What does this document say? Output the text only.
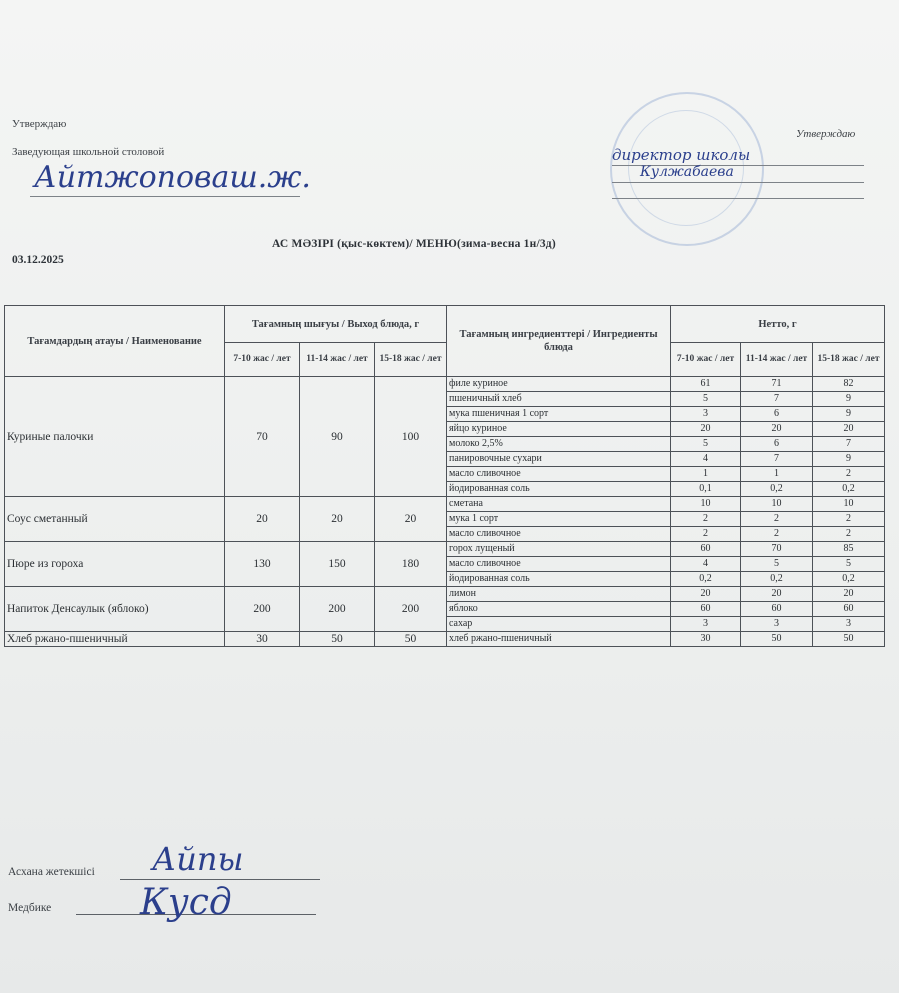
Утверждаю
Заведующая школьной столовой
Айтжоповаш.ж.
Утверждаю
директор школы
Кулжабаева
03.12.2025
АС МӘЗІРІ (қыс-көктем)/ МЕНЮ(зима-весна 1н/3д)
Тағамдардың атауы / Наименование	Тағамның шығуы / Выход блюда, г			Тағамның ингредиенттері / Ингредиенты блюда	Нетто, г		
	7-10 жас / лет	11-14 жас / лет	15-18 жас / лет		7-10 жас / лет	11-14 жас / лет	15-18 жас / лет
Куриные палочки	70	90	100	филе куриное	61	71	82
				пшеничный хлеб	5	7	9
				мука пшеничная 1 сорт	3	6	9
				яйцо куриное	20	20	20
				молоко 2,5%	5	6	7
				панировочные сухари	4	7	9
				масло сливочное	1	1	2
				йодированная соль	0,1	0,2	0,2
Соус сметанный	20	20	20	сметана	10	10	10
				мука 1 сорт	2	2	2
				масло сливочное	2	2	2
Пюре из гороха	130	150	180	горох лущеный	60	70	85
				масло сливочное	4	5	5
				йодированная соль	0,2	0,2	0,2
Напиток Денсаулык (яблоко)	200	200	200	лимон	20	20	20
				яблоко	60	60	60
				сахар	3	3	3
Хлеб ржано-пшеничный	30	50	50	хлеб ржано-пшеничный	30	50	50
Асхана жетекшісі Айпы
Медбике Кусд
